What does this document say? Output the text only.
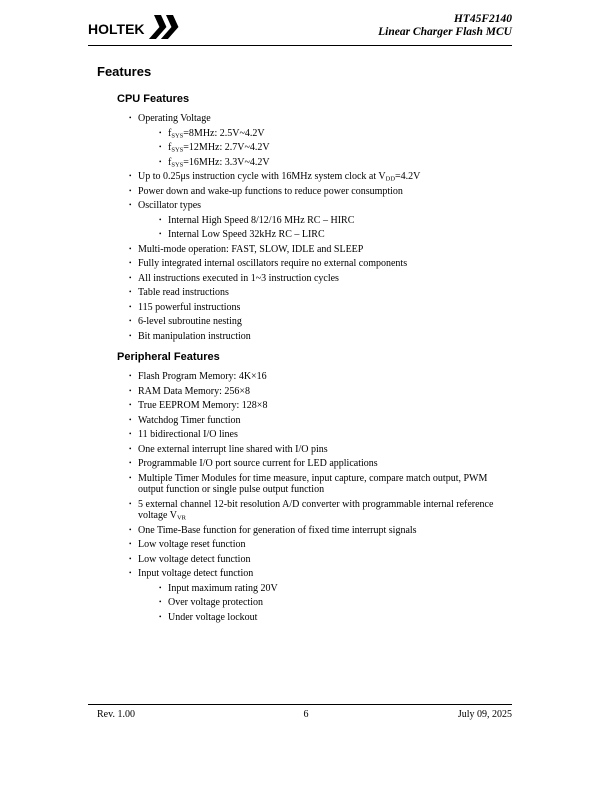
HOLTEK
HT45F2140
Linear Charger Flash MCU
Features
CPU Features
• Operating Voltage
• $f_{SYS}=8MHz$: 2.5V~4.2V
• $f_{SYS}=12MHz$: 2.7V~4.2V
• $f_{SYS}=16MHz$: 3.3V~4.2V
• Up to 0.25μs instruction cycle with 16MHz system clock at $V_{DD}=4.2V$
• Power down and wake-up functions to reduce power consumption
• Oscillator types
• Internal High Speed 8/12/16 MHz RC – HIRC
• Internal Low Speed 32kHz RC – LIRC
• Multi-mode operation: FAST, SLOW, IDLE and SLEEP
• Fully integrated internal oscillators require no external components
• All instructions executed in 1~3 instruction cycles
• Table read instructions
• 115 powerful instructions
• 6-level subroutine nesting
• Bit manipulation instruction
Peripheral Features
• Flash Program Memory: 4K×16
• RAM Data Memory: 256×8
• True EEPROM Memory: 128×8
• Watchdog Timer function
• 11 bidirectional I/O lines
• One external interrupt line shared with I/O pins
• Programmable I/O port source current for LED applications
• Multiple Timer Modules for time measure, input capture, compare match output, PWM output function or single pulse output function
• 5 external channel 12-bit resolution A/D converter with programmable internal reference voltage $V_{VR}$
• One Time-Base function for generation of fixed time interrupt signals
• Low voltage reset function
• Low voltage detect function
• Input voltage detect function
• Input maximum rating 20V
• Over voltage protection
• Under voltage lockout
Rev. 1.00	6	July 09, 2025
